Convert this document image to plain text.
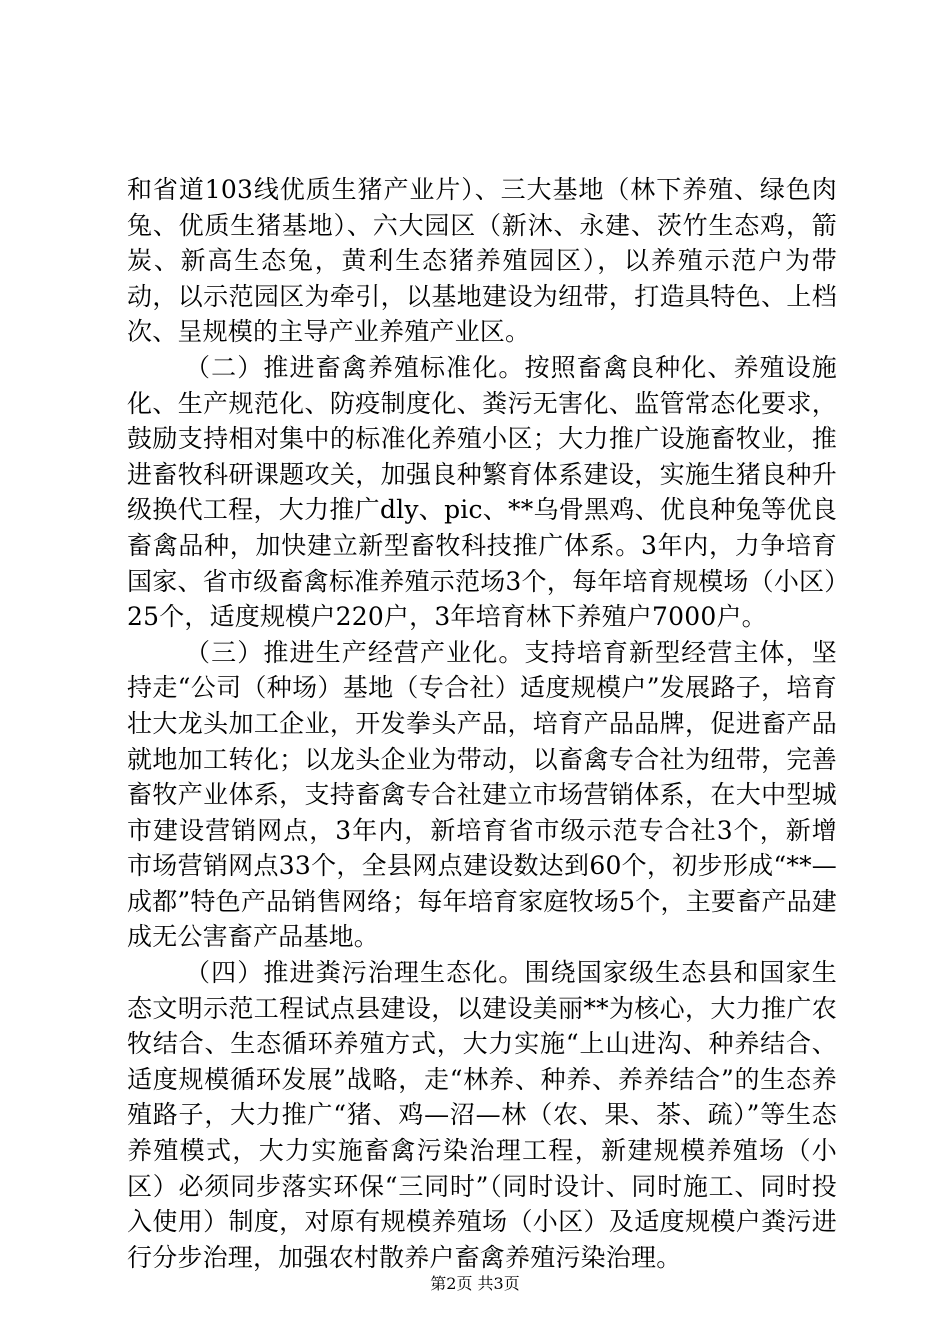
和省道103线优质生猪产业片）、三大基地（林下养殖、绿色肉兔、优质生猪基地）、六大园区（新沐、永建、茨竹生态鸡，箭炭、新高生态兔，黄利生态猪养殖园区），以养殖示范户为带动，以示范园区为牵引，以基地建设为纽带，打造具特色、上档次、呈规模的主导产业养殖产业区。

（二）推进畜禽养殖标准化。按照畜禽良种化、养殖设施化、生产规范化、防疫制度化、粪污无害化、监管常态化要求，鼓励支持相对集中的标准化养殖小区；大力推广设施畜牧业，推进畜牧科研课题攻关，加强良种繁育体系建设，实施生猪良种升级换代工程，大力推广dly、pic、**乌骨黑鸡、优良种兔等优良畜禽品种，加快建立新型畜牧科技推广体系。3年内，力争培育国家、省市级畜禽标准养殖示范场3个，每年培育规模场（小区）25个，适度规模户220户，3年培育林下养殖户7000户。

（三）推进生产经营产业化。支持培育新型经营主体，坚持走“公司（种场）基地（专合社）适度规模户”发展路子，培育壮大龙头加工企业，开发拳头产品，培育产品品牌，促进畜产品就地加工转化；以龙头企业为带动，以畜禽专合社为纽带，完善畜牧产业体系，支持畜禽专合社建立市场营销体系，在大中型城市建设营销网点，3年内，新培育省市级示范专合社3个，新增市场营销网点33个，全县网点建设数达到60个，初步形成“**—成都”特色产品销售网络；每年培育家庭牧场5个，主要畜产品建成无公害畜产品基地。

（四）推进粪污治理生态化。围绕国家级生态县和国家生态文明示范工程试点县建设，以建设美丽**为核心，大力推广农牧结合、生态循环养殖方式，大力实施“上山进沟、种养结合、适度规模循环发展”战略，走“林养、种养、养养结合”的生态养殖路子，大力推广“猪、鸡—沼—林（农、果、茶、疏）”等生态养殖模式，大力实施畜禽污染治理工程，新建规模养殖场（小区）必须同步落实环保“三同时”（同时设计、同时施工、同时投入使用）制度，对原有规模养殖场（小区）及适度规模户粪污进行分步治理，加强农村散养户畜禽养殖污染治理。

第2页 共3页
